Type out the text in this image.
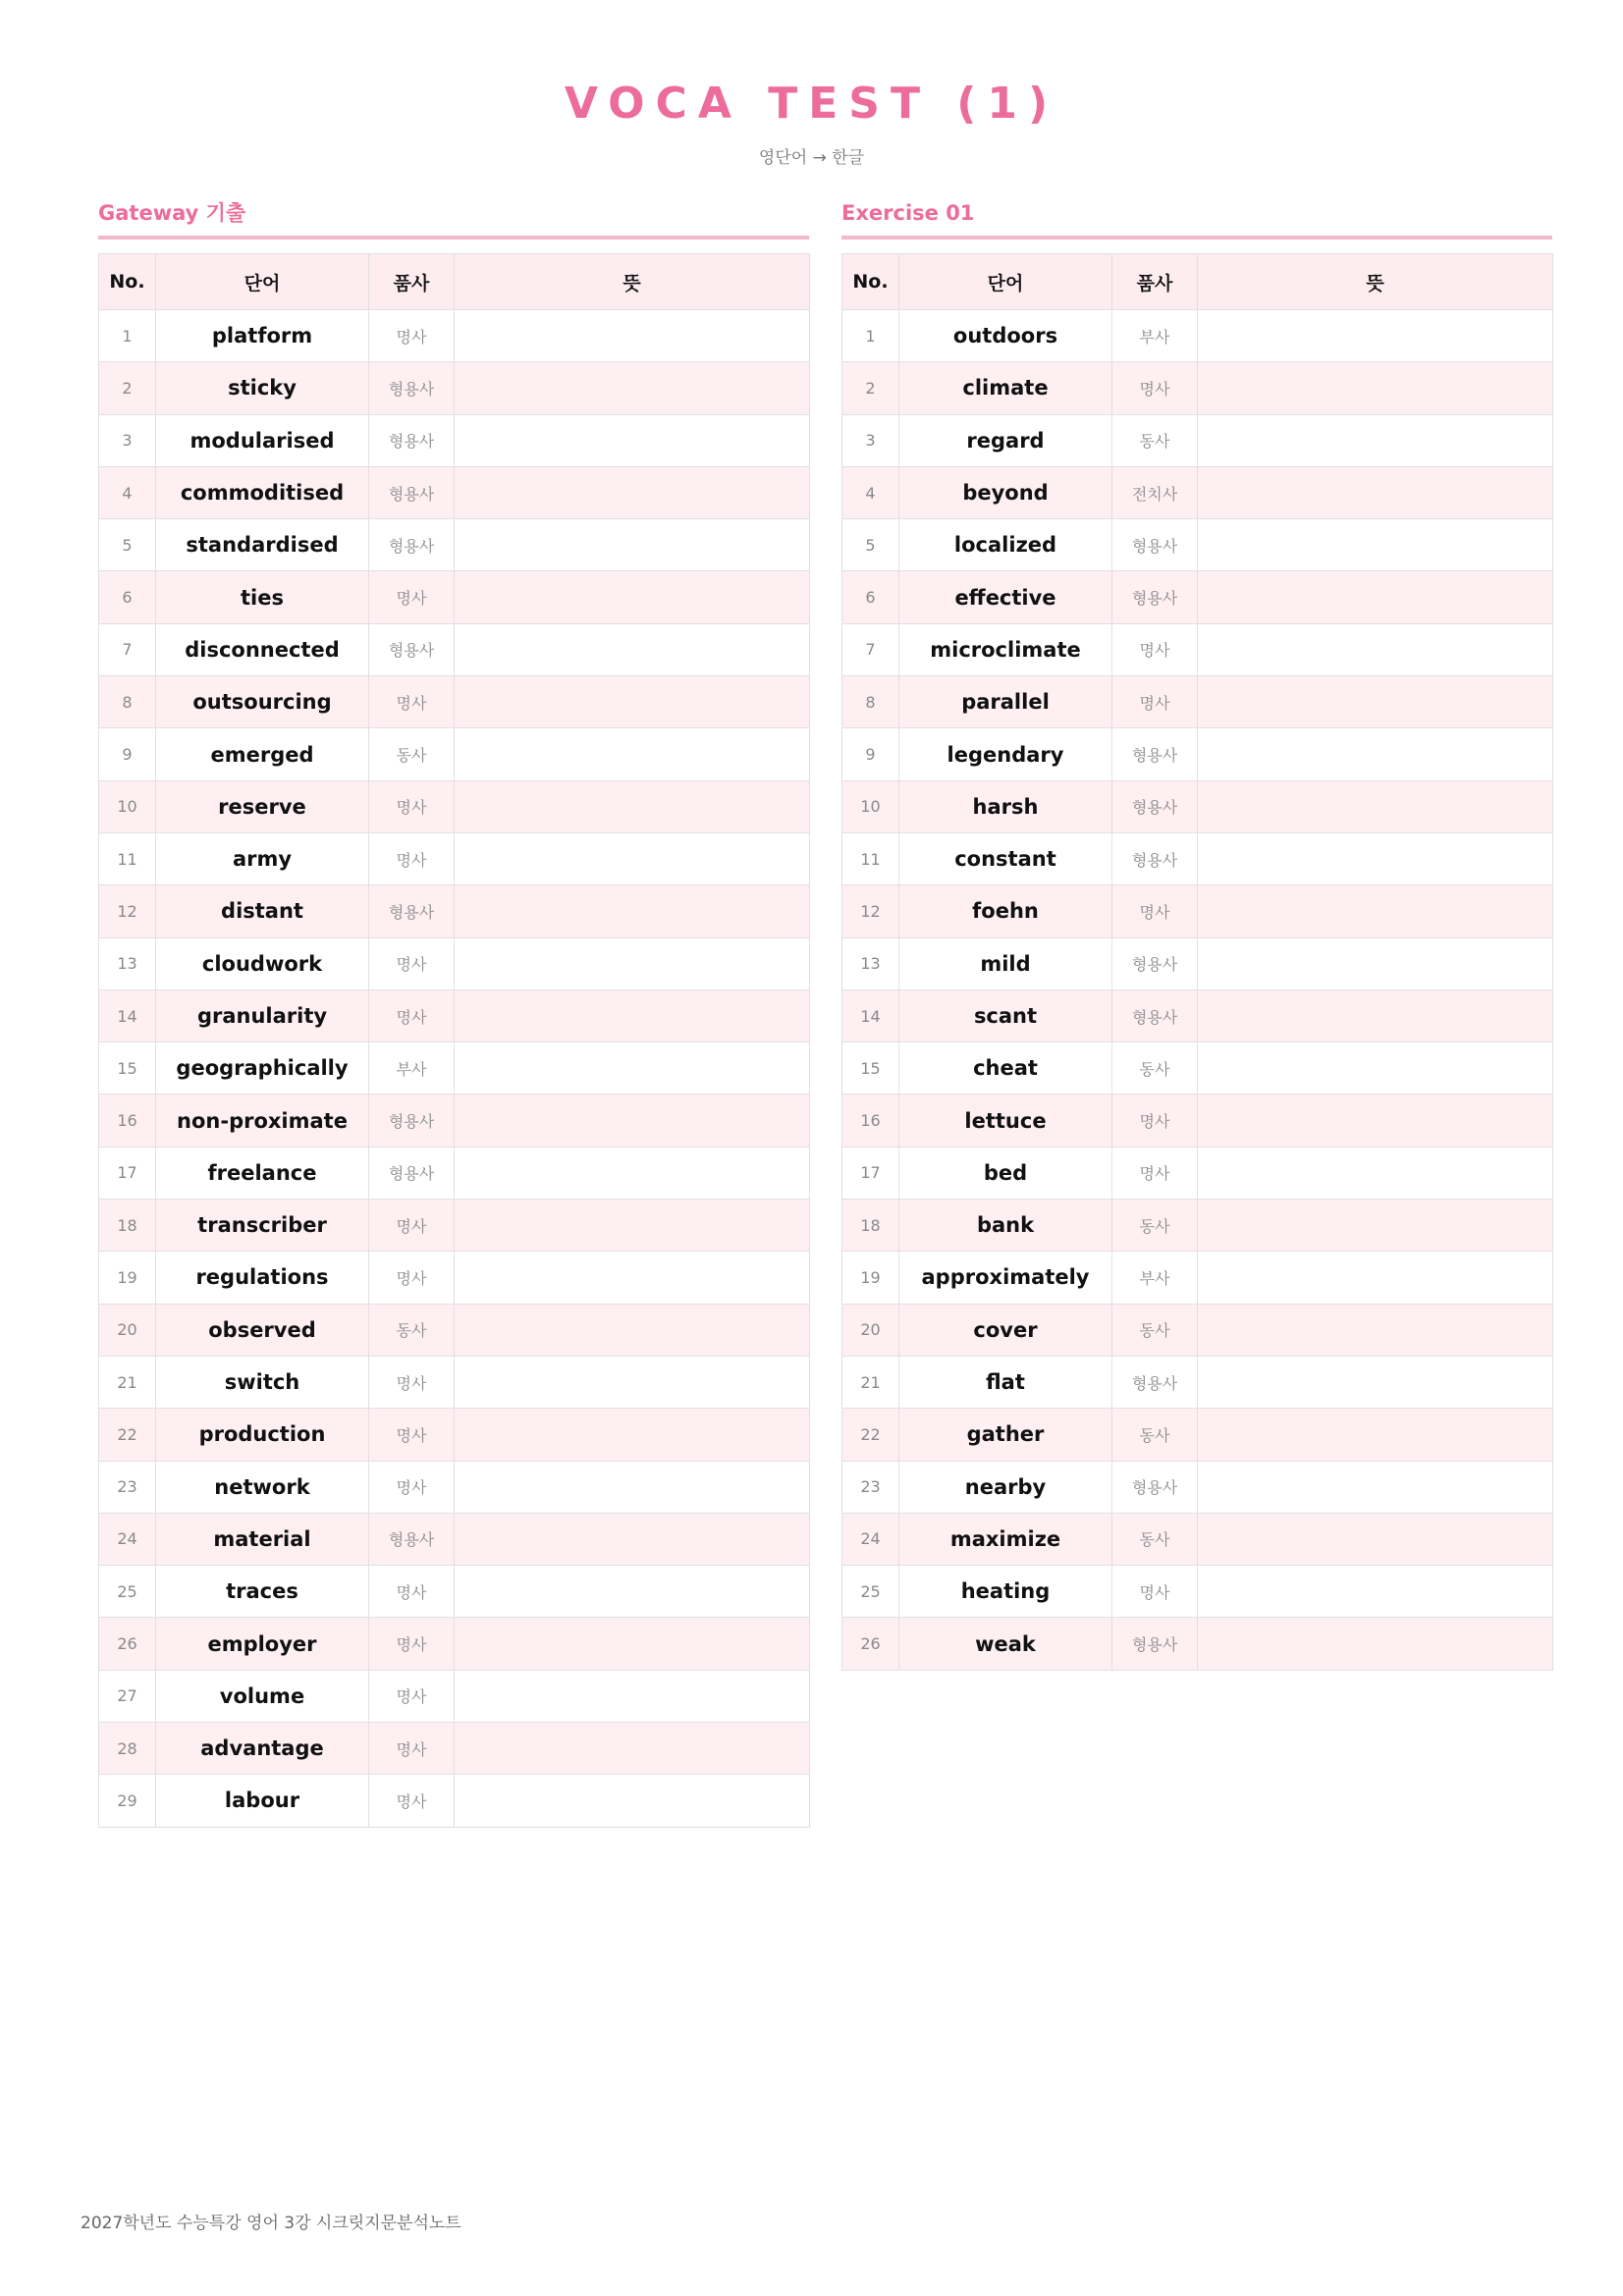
VOCA TEST (1)
영단어 → 한글
Gateway 기출
No.	단어	품사	뜻
1	platform	명사	
2	sticky	형용사	
3	modularised	형용사	
4	commoditised	형용사	
5	standardised	형용사	
6	ties	명사	
7	disconnected	형용사	
8	outsourcing	명사	
9	emerged	동사	
10	reserve	명사	
11	army	명사	
12	distant	형용사	
13	cloudwork	명사	
14	granularity	명사	
15	geographically	부사	
16	non-proximate	형용사	
17	freelance	형용사	
18	transcriber	명사	
19	regulations	명사	
20	observed	동사	
21	switch	명사	
22	production	명사	
23	network	명사	
24	material	형용사	
25	traces	명사	
26	employer	명사	
27	volume	명사	
28	advantage	명사	
29	labour	명사	
Exercise 01
No.	단어	품사	뜻
1	outdoors	부사	
2	climate	명사	
3	regard	동사	
4	beyond	전치사	
5	localized	형용사	
6	effective	형용사	
7	microclimate	명사	
8	parallel	명사	
9	legendary	형용사	
10	harsh	형용사	
11	constant	형용사	
12	foehn	명사	
13	mild	형용사	
14	scant	형용사	
15	cheat	동사	
16	lettuce	명사	
17	bed	명사	
18	bank	동사	
19	approximately	부사	
20	cover	동사	
21	flat	형용사	
22	gather	동사	
23	nearby	형용사	
24	maximize	동사	
25	heating	명사	
26	weak	형용사	
2027학년도 수능특강 영어 3강 시크릿지문분석노트
